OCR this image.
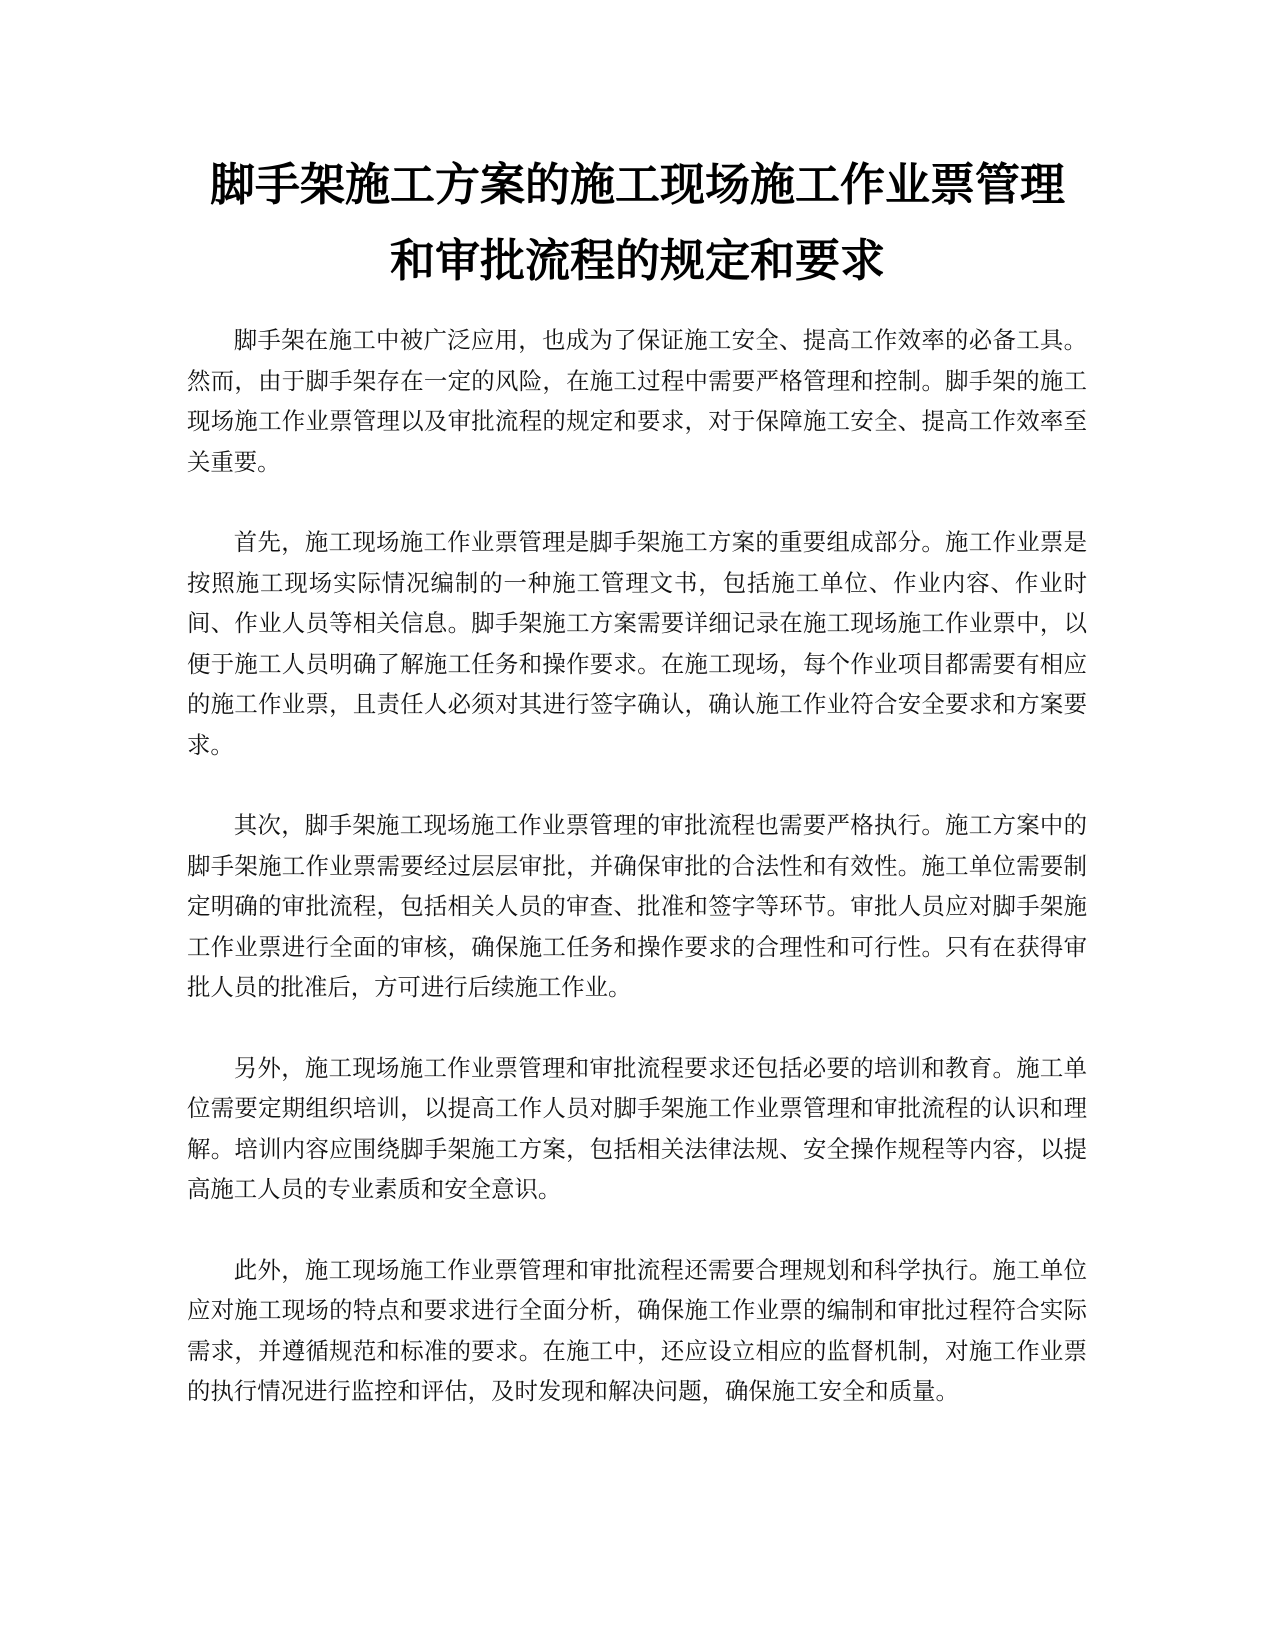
脚手架施工方案的施工现场施工作业票管理
和审批流程的规定和要求

脚手架在施工中被广泛应用，也成为了保证施工安全、提高工作效率的必备工具。然而，由于脚手架存在一定的风险，在施工过程中需要严格管理和控制。脚手架的施工现场施工作业票管理以及审批流程的规定和要求，对于保障施工安全、提高工作效率至关重要。

首先，施工现场施工作业票管理是脚手架施工方案的重要组成部分。施工作业票是按照施工现场实际情况编制的一种施工管理文书，包括施工单位、作业内容、作业时间、作业人员等相关信息。脚手架施工方案需要详细记录在施工现场施工作业票中，以便于施工人员明确了解施工任务和操作要求。在施工现场，每个作业项目都需要有相应的施工作业票，且责任人必须对其进行签字确认，确认施工作业符合安全要求和方案要求。

其次，脚手架施工现场施工作业票管理的审批流程也需要严格执行。施工方案中的脚手架施工作业票需要经过层层审批，并确保审批的合法性和有效性。施工单位需要制定明确的审批流程，包括相关人员的审查、批准和签字等环节。审批人员应对脚手架施工作业票进行全面的审核，确保施工任务和操作要求的合理性和可行性。只有在获得审批人员的批准后，方可进行后续施工作业。

另外，施工现场施工作业票管理和审批流程要求还包括必要的培训和教育。施工单位需要定期组织培训，以提高工作人员对脚手架施工作业票管理和审批流程的认识和理解。培训内容应围绕脚手架施工方案，包括相关法律法规、安全操作规程等内容，以提高施工人员的专业素质和安全意识。

此外，施工现场施工作业票管理和审批流程还需要合理规划和科学执行。施工单位应对施工现场的特点和要求进行全面分析，确保施工作业票的编制和审批过程符合实际需求，并遵循规范和标准的要求。在施工中，还应设立相应的监督机制，对施工作业票的执行情况进行监控和评估，及时发现和解决问题，确保施工安全和质量。
